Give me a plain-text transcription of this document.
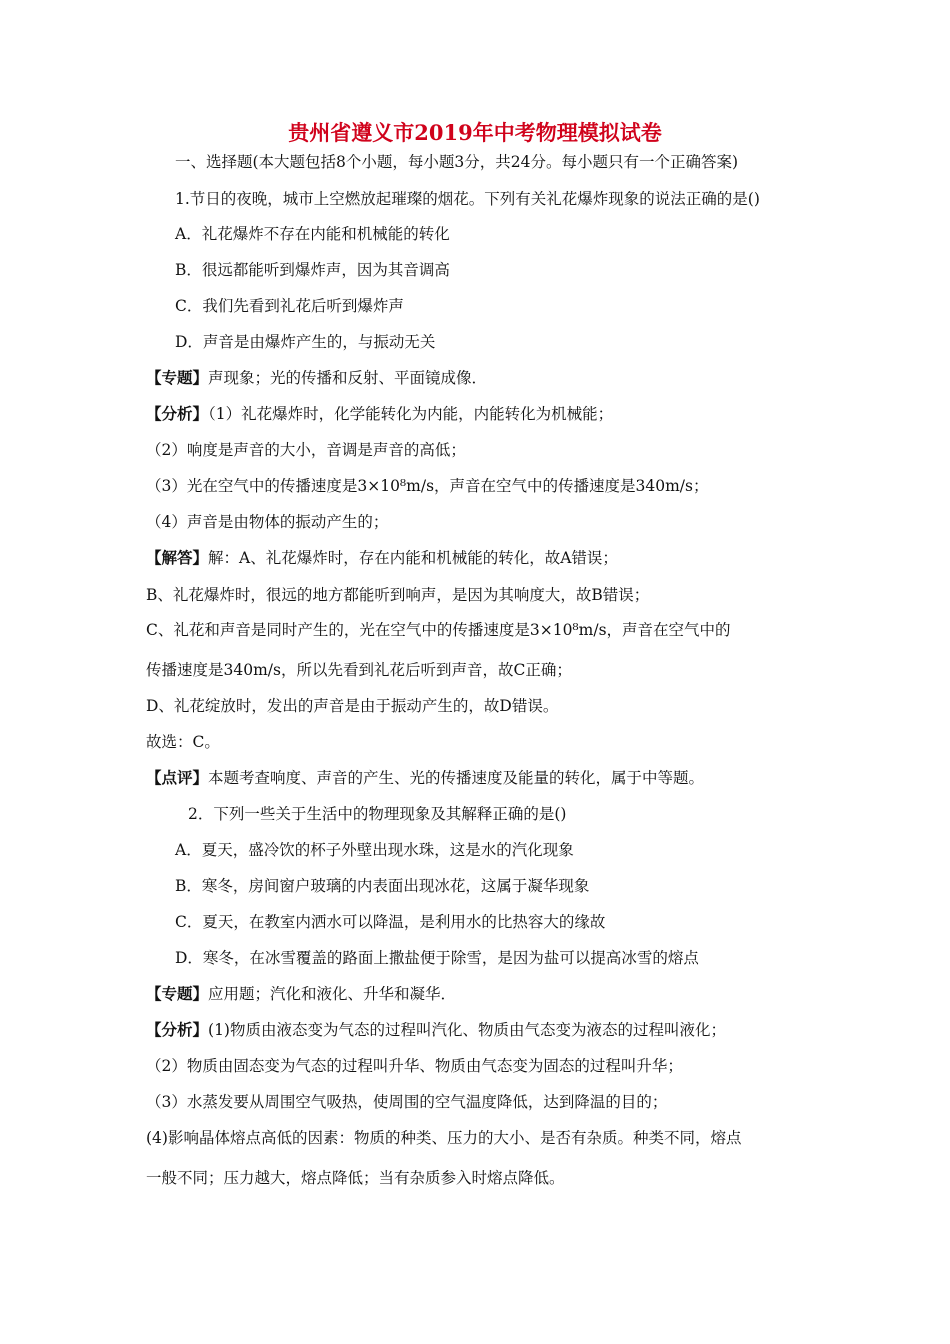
贵州省遵义市2019年中考物理模拟试卷
一、选择题(本大题包括8个小题，每小题3分，共24分。每小题只有一个正确答案)
1.节日的夜晚，城市上空燃放起璀璨的烟花。下列有关礼花爆炸现象的说法正确的是()
A．礼花爆炸不存在内能和机械能的转化
B．很远都能听到爆炸声，因为其音调高
C．我们先看到礼花后听到爆炸声
D．声音是由爆炸产生的，与振动无关
【专题】声现象；光的传播和反射、平面镜成像．
【分析】（1）礼花爆炸时，化学能转化为内能，内能转化为机械能；
（2）响度是声音的大小，音调是声音的高低；
（3）光在空气中的传播速度是3×10⁸m/s，声音在空气中的传播速度是340m/s；
（4）声音是由物体的振动产生的；
【解答】解：A、礼花爆炸时，存在内能和机械能的转化，故A错误；
B、礼花爆炸时，很远的地方都能听到响声，是因为其响度大，故B错误；
C、礼花和声音是同时产生的，光在空气中的传播速度是3×10⁸m/s，声音在空气中的
传播速度是340m/s，所以先看到礼花后听到声音，故C正确；
D、礼花绽放时，发出的声音是由于振动产生的，故D错误。
故选：C。
【点评】本题考查响度、声音的产生、光的传播速度及能量的转化，属于中等题。
2．下列一些关于生活中的物理现象及其解释正确的是()
A．夏天，盛冷饮的杯子外壁出现水珠，这是水的汽化现象
B．寒冬，房间窗户玻璃的内表面出现冰花，这属于凝华现象
C．夏天，在教室内洒水可以降温，是利用水的比热容大的缘故
D．寒冬，在冰雪覆盖的路面上撒盐便于除雪，是因为盐可以提高冰雪的熔点
【专题】应用题；汽化和液化、升华和凝华．
【分析】(1)物质由液态变为气态的过程叫汽化、物质由气态变为液态的过程叫液化；
（2）物质由固态变为气态的过程叫升华、物质由气态变为固态的过程叫升华；
（3）水蒸发要从周围空气吸热，使周围的空气温度降低，达到降温的目的；
(4)影响晶体熔点高低的因素：物质的种类、压力的大小、是否有杂质。种类不同，熔点
一般不同；压力越大，熔点降低；当有杂质参入时熔点降低。
